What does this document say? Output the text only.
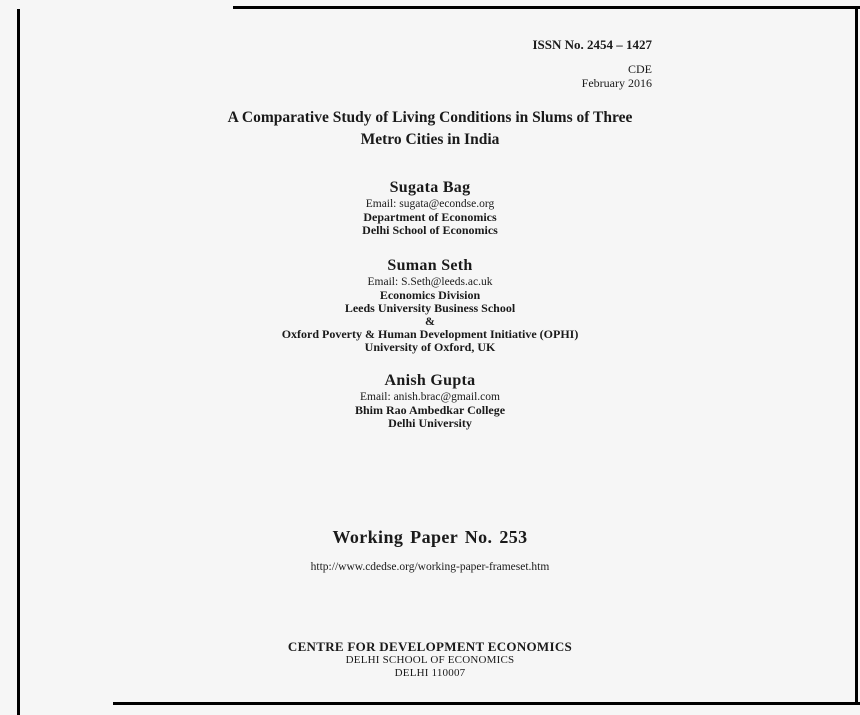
ISSN No. 2454 – 1427
CDE
February 2016
A Comparative Study of Living Conditions in Slums of Three
Metro Cities in India
Sugata Bag
Email: sugata@econdse.org
Department of Economics
Delhi School of Economics
Suman Seth
Email: S.Seth@leeds.ac.uk
Economics Division
Leeds University Business School
&
Oxford Poverty & Human Development Initiative (OPHI)
University of Oxford, UK
Anish Gupta
Email: anish.brac@gmail.com
Bhim Rao Ambedkar College
Delhi University
Working Paper No. 253
http://www.cdedse.org/working-paper-frameset.htm
CENTRE FOR DEVELOPMENT ECONOMICS
DELHI SCHOOL OF ECONOMICS
DELHI 110007
